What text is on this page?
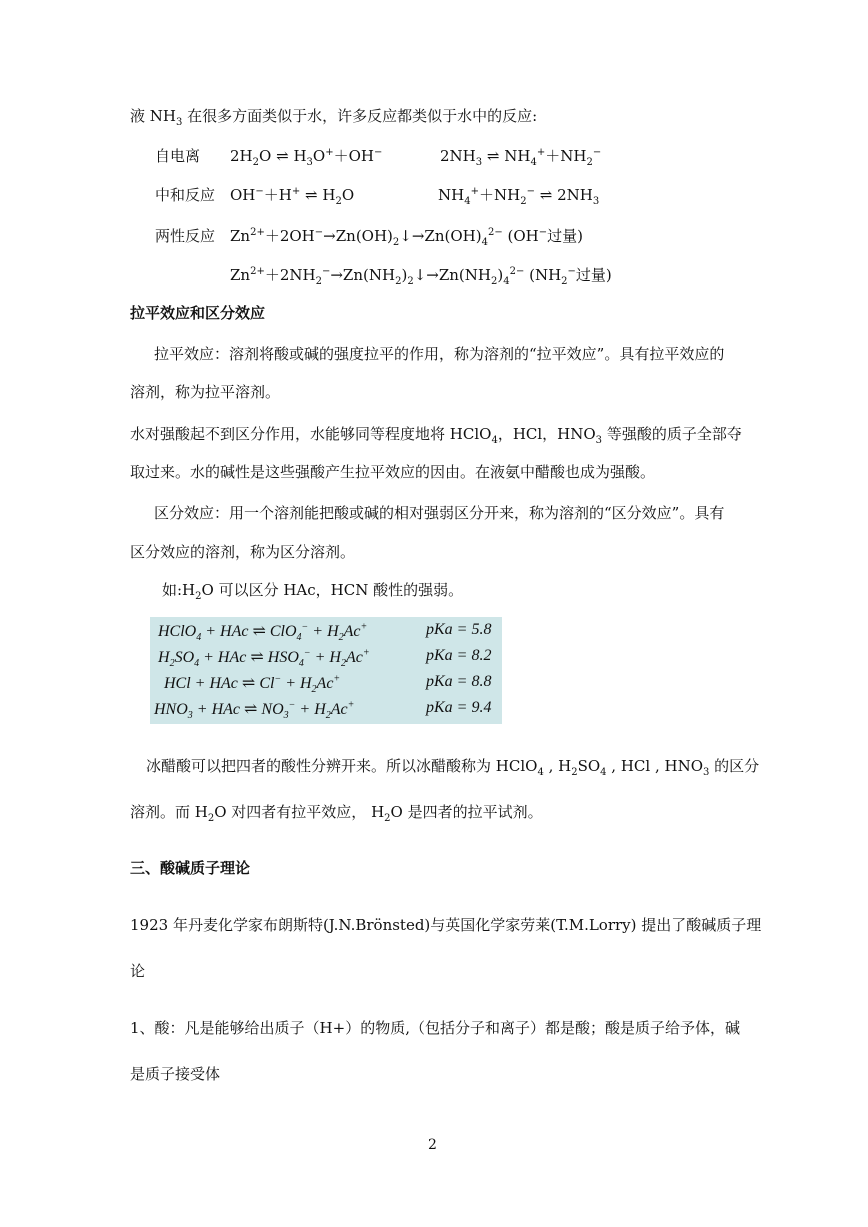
液 $NH_3$ 在很多方面类似于水，许多反应都类似于水中的反应:
自电离 $2H_2O$ ⇌ $H_3O^++OH^-$	$2NH_3$ ⇌ $NH_4^++NH_2^-$
中和反应 OH−＋H+ ⇌ $H_2O$	$NH_4^++NH_2^-$ ⇌ $2NH_3$
两性反应 $Zn^{2+}+2OH^-\to Zn(OH)_2↓\to Zn(OH)_4^{2-}$ (OH−过量)
$Zn^{2+}+2NH_2^-\to Zn(NH_2)_2↓\to Zn(NH_2)_4^{2-}$ ($NH_2^-$过量)
拉平效应和区分效应
拉平效应：溶剂将酸或碱的强度拉平的作用，称为溶剂的“拉平效应”。具有拉平效应的
溶剂，称为拉平溶剂。
水对强酸起不到区分作用，水能够同等程度地将 HClO$_4$，HCl，$HNO_3$ 等强酸的质子全部夺
取过来。水的碱性是这些强酸产生拉平效应的因由。在液氨中醋酸也成为强酸。
区分效应：用一个溶剂能把酸或碱的相对强弱区分开来，称为溶剂的“区分效应”。具有
区分效应的溶剂，称为区分溶剂。
如$:H_2O$ 可以区分 HAc，HCN 酸性的强弱。
HClO$_4$ + HAc ⇌ $ClO_4^- + H_2Ac^+$	pKa = 5.8
$H_2SO_4$ + HAc ⇌ $HSO_4^- + H_2Ac^+$	pKa = 8.2
HCl + HAc ⇌ $Cl^- + H_2Ac^+$	pKa = 8.8
$HNO_3$ + HAc ⇌ $NO_3^- + H_2Ac^+$	pKa = 9.4
冰醋酸可以把四者的酸性分辨开来。所以冰醋酸称为 HClO$_4$ , $H_2SO_4$ , HCl , $HNO_3$ 的区分
溶剂。而 $H_2O$ 对四者有拉平效应， $H_2O$ 是四者的拉平试剂。
三、酸碱质子理论
1923 年丹麦化学家布朗斯特(J.N.Brönsted)与英国化学家劳莱(T.M.Lorry) 提出了酸碱质子理
论
1、酸：凡是能够给出质子（H+）的物质,（包括分子和离子）都是酸；酸是质子给予体，碱
是质子接受体
2
